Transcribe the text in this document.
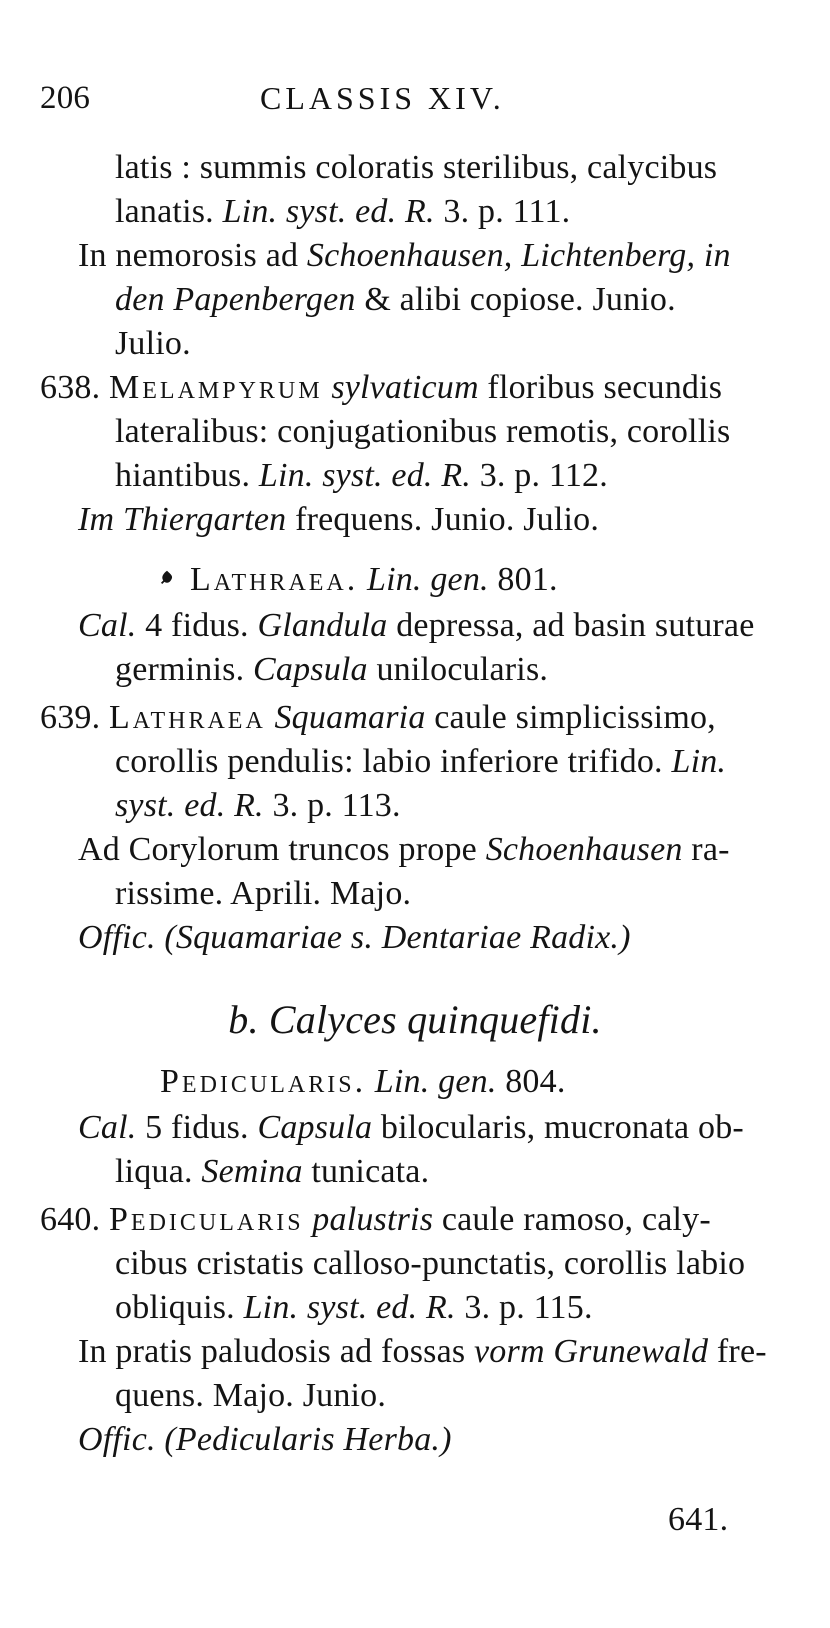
206	CLASSIS XIV.
latis : summis coloratis sterilibus, calycibus
lanatis. Lin. syst. ed. R. 3. p. 111.
In nemorosis ad Schoenhausen, Lichtenberg, in
den Papenbergen & alibi copiose. Junio.
Julio.
638. Melampyrum sylvaticum floribus secundis
lateralibus: conjugationibus remotis, corollis
hiantibus. Lin. syst. ed. R. 3. p. 112.
Im Thiergarten frequens. Junio. Julio.
Lathraea. Lin. gen. 801.
Cal. 4 fidus. Glandula depressa, ad basin suturae
germinis. Capsula unilocularis.
639. Lathraea Squamaria caule simplicissimo,
corollis pendulis: labio inferiore trifido. Lin.
syst. ed. R. 3. p. 113.
Ad Corylorum truncos prope Schoenhausen ra-
rissime. Aprili. Majo.
Offic. (Squamariae s. Dentariae Radix.)
b. Calyces quinquefidi.
Pedicularis. Lin. gen. 804.
Cal. 5 fidus. Capsula bilocularis, mucronata ob-
liqua. Semina tunicata.
640. Pedicularis palustris caule ramoso, caly-
cibus cristatis calloso-punctatis, corollis labio
obliquis. Lin. syst. ed. R. 3. p. 115.
In pratis paludosis ad fossas vorm Grunewald fre-
quens. Majo. Junio.
Offic. (Pedicularis Herba.)
641.
